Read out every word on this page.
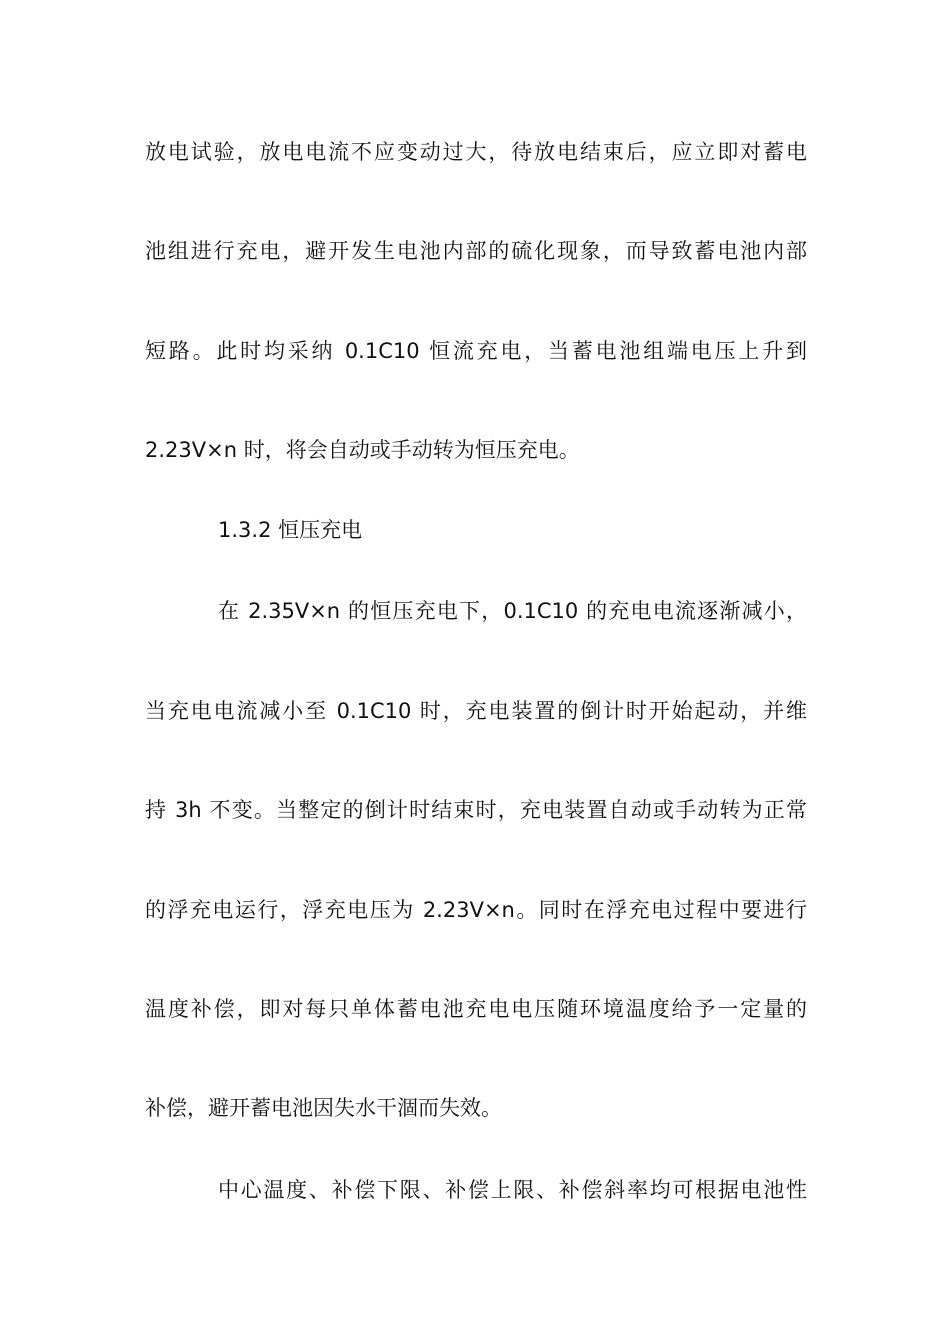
放电试验，放电电流不应变动过大，待放电结束后，应立即对蓄电

池组进行充电，避开发生电池内部的硫化现象，而导致蓄电池内部

短路。此时均采纳 0.1C10 恒流充电，当蓄电池组端电压上升到

2.23V×n 时，将会自动或手动转为恒压充电。

1.3.2 恒压充电

在 2.35V×n 的恒压充电下，0.1C10 的充电电流逐渐减小，

当充电电流减小至 0.1C10 时，充电装置的倒计时开始起动，并维

持 3h 不变。当整定的倒计时结束时，充电装置自动或手动转为正常

的浮充电运行，浮充电压为 2.23V×n。同时在浮充电过程中要进行

温度补偿，即对每只单体蓄电池充电电压随环境温度给予一定量的

补偿，避开蓄电池因失水干涸而失效。

中心温度、补偿下限、补偿上限、补偿斜率均可根据电池性
